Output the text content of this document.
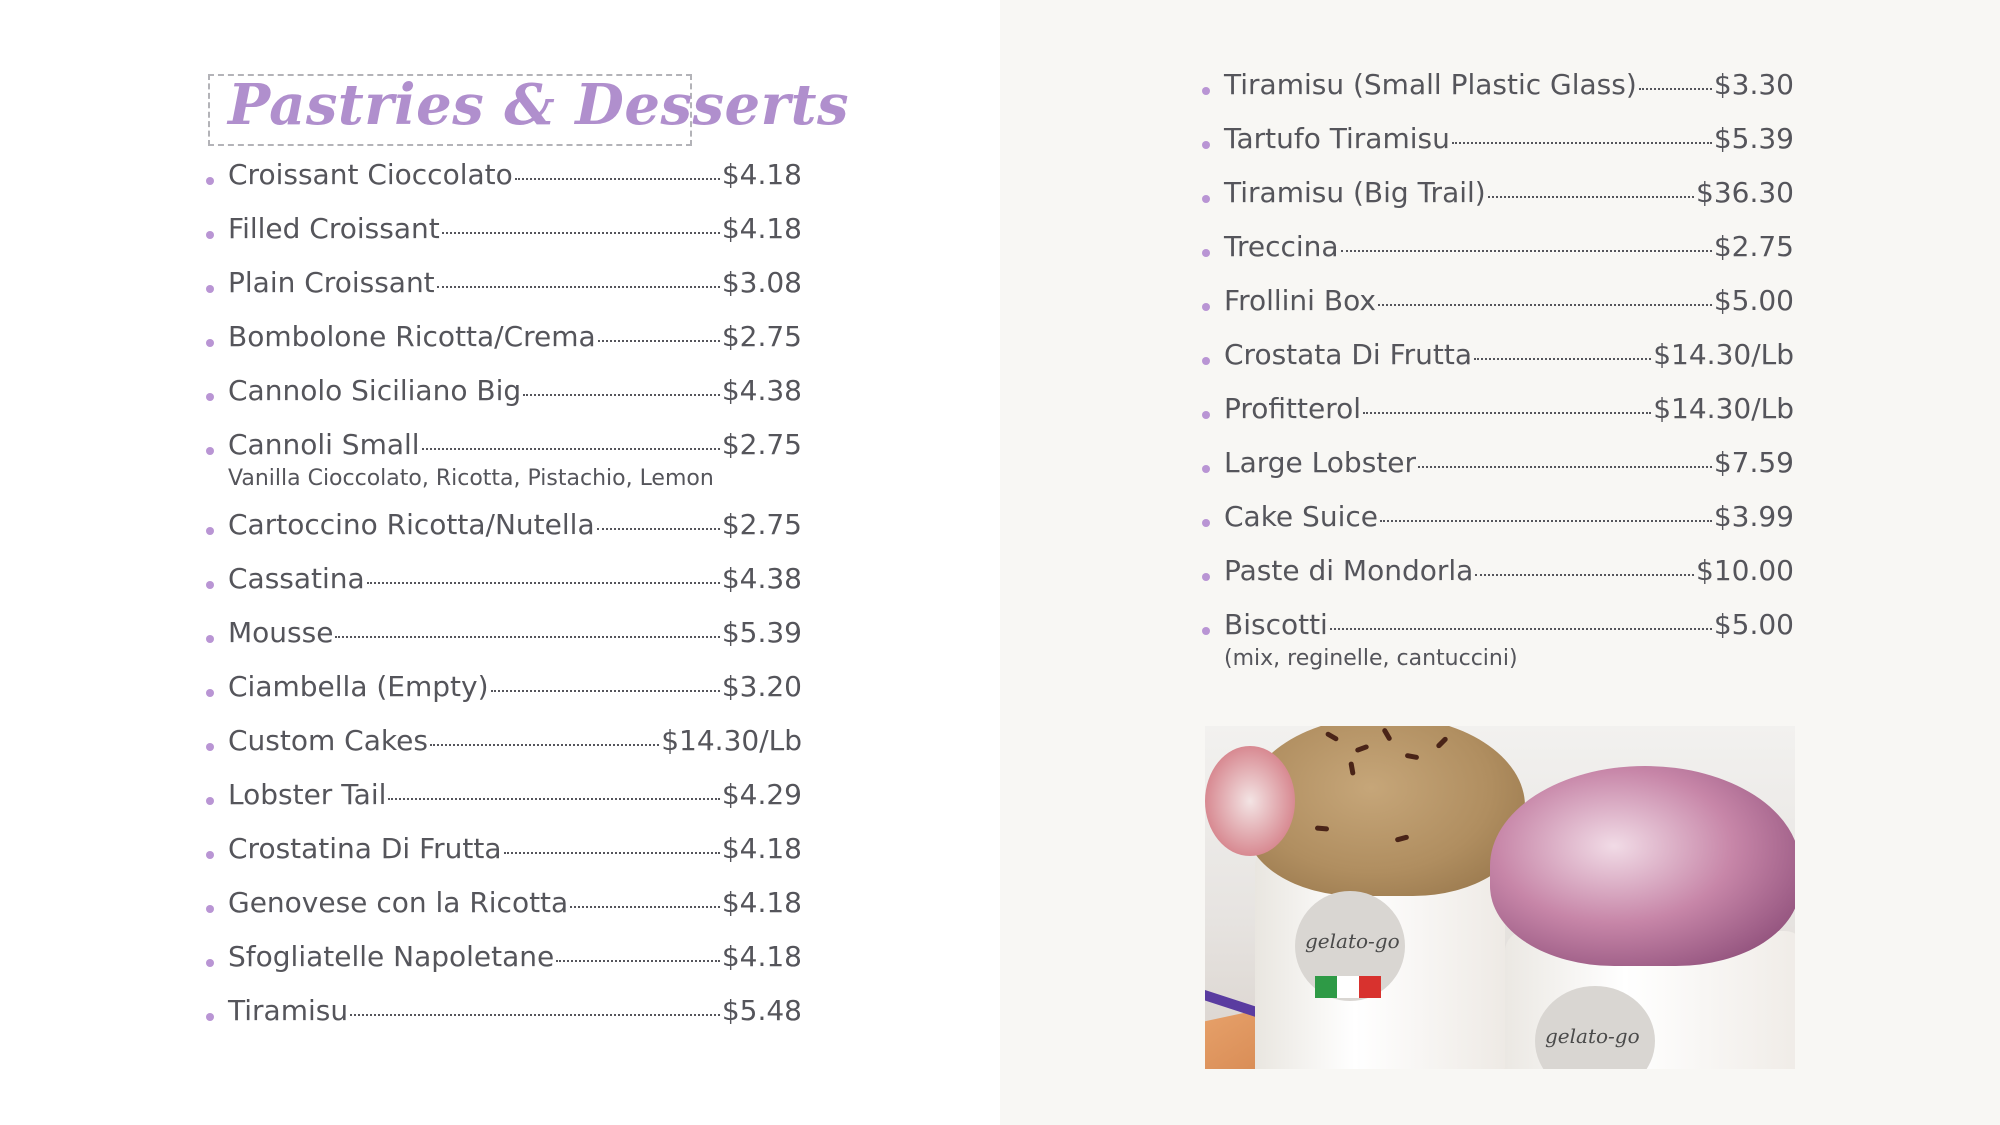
Pastries & Desserts
Croissant Cioccolato	$4.18
Filled Croissant	$4.18
Plain Croissant	$3.08
Bombolone Ricotta/Crema	$2.75
Cannolo Siciliano Big	$4.38
Cannoli Small	$2.75
Vanilla Cioccolato, Ricotta, Pistachio, Lemon
Cartoccino Ricotta/Nutella	$2.75
Cassatina	$4.38
Mousse	$5.39
Ciambella (Empty)	$3.20
Custom Cakes	$14.30/Lb
Lobster Tail	$4.29
Crostatina Di Frutta	$4.18
Genovese con la Ricotta	$4.18
Sfogliatelle Napoletane	$4.18
Tiramisu	$5.48
Tiramisu (Small Plastic Glass)	$3.30
Tartufo Tiramisu	$5.39
Tiramisu (Big Trail)	$36.30
Treccina	$2.75
Frollini Box	$5.00
Crostata Di Frutta	$14.30/Lb
Profitterol	$14.30/Lb
Large Lobster	$7.59
Cake Suice	$3.99
Paste di Mondorla	$10.00
Biscotti	$5.00
(mix, reginelle, cantuccini)
gelato-go
gelato-go
